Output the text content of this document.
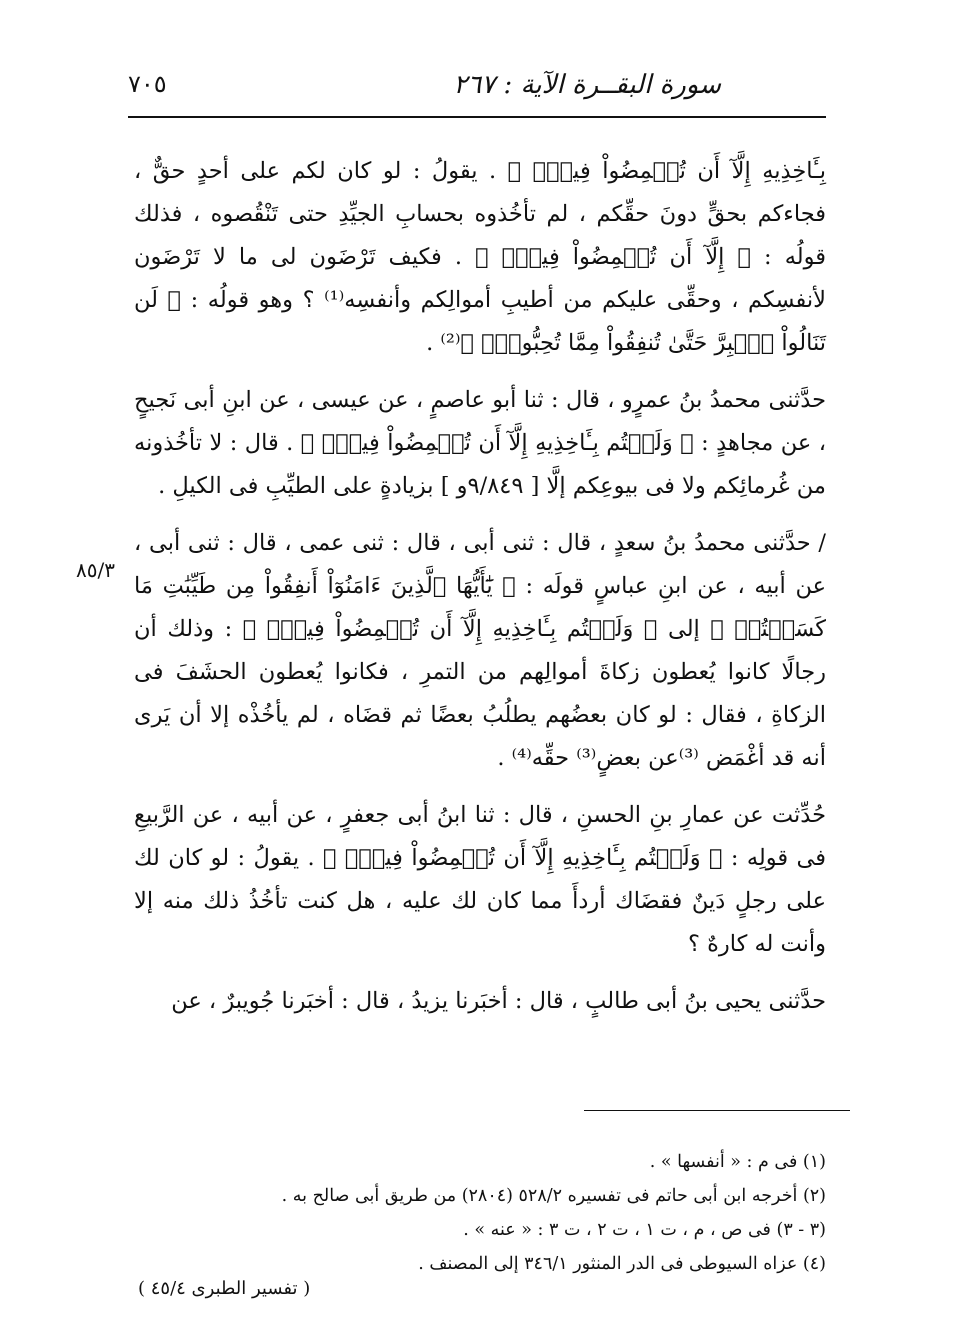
سورة البقــرة الآية : ٢٦٧
٧٠٥

بِـَٔاخِذِيهِ إِلَّآ أَن تُغۡمِضُواْ فِيهِۚ ﴾ . يقولُ : لو كان لكم على أحدٍ حقٌّ ، فجاءكم بحقٍّ دونَ حقِّكم ، لم تأخُذوه بحسابِ الجيِّدِ حتى تَنْقُصوه ، فذلك قولُه : ﴿ إِلَّآ أَن تُغۡمِضُواْ فِيهِۚ ﴾ . فكيف تَرْضَون لى ما لا تَرْضَون لأنفسِكم ، وحقِّى عليكم من أطيبِ أموالِكم وأنفسِه⁽¹⁾ ؟ وهو قولُه : ﴿ لَن تَنَالُواْ ٱلۡبِرَّ حَتَّىٰ تُنفِقُواْ مِمَّا تُحِبُّونَۚ ﴾⁽²⁾ .

حدَّثنى محمدُ بنُ عمرٍو ، قال : ثنا أبو عاصمٍ ، عن عيسى ، عن ابنِ أبى نَجيحٍ ، عن مجاهدٍ : ﴿ وَلَسۡتُم بِـَٔاخِذِيهِ إِلَّآ أَن تُغۡمِضُواْ فِيهِۚ ﴾ . قال : لا تأخُذونه من غُرمائِكم ولا فى بيوعِكم إلَّا [ ٩/٨٤٩و ] بزيادةٍ على الطيِّبِ فى الكيلِ .

/ حدَّثنى محمدُ بنُ سعدٍ ، قال : ثنى أبى ، قال : ثنى عمى ، قال : ثنى أبى ، عن أبيه ، عن ابنِ عباسٍ قولَه : ﴿ يَٰٓأَيُّهَا ٱلَّذِينَ ءَامَنُوٓاْ أَنفِقُواْ مِن طَيِّبَٰتِ مَا كَسَبۡتُمۡ ﴾ إلى ﴿ وَلَسۡتُم بِـَٔاخِذِيهِ إِلَّآ أَن تُغۡمِضُواْ فِيهِۚ ﴾ : وذلك أن رجالًا كانوا يُعطون زكاةَ أموالِهم من التمرِ ، فكانوا يُعطون الحشَفَ فى الزكاةِ ، فقال : لو كان بعضُهم يطلُبُ بعضًا ثم قضَاه ، لم يأخُذْه إلا أن يَرى أنه قد أغْمَض ⁽³⁾عن بعضٍ⁽³⁾ حقِّه⁽⁴⁾ .

حُدِّثت عن عمارِ بنِ الحسنِ ، قال : ثنا ابنُ أبى جعفرٍ ، عن أبيه ، عن الرَّبيعِ فى قولِه : ﴿ وَلَسۡتُم بِـَٔاخِذِيهِ إِلَّآ أَن تُغۡمِضُواْ فِيهِۚ ﴾ . يقولُ : لو كان لك على رجلٍ دَينٌ فقضَاك أردأَ مما كان لك عليه ، هل كنت تأخُذُ ذلك منه إلا وأنت له كارهٌ ؟

حدَّثنى يحيى بنُ أبى طالبٍ ، قال : أخبَرنا يزيدُ ، قال : أخبَرنا جُويبرٌ ، عن

٨٥/٣
(١) فى م : « أنفسها » .
(٢) أخرجه ابن أبى حاتم فى تفسيره ٥٢٨/٢ (٢٨٠٤) من طريق أبى صالح به .
(٣ - ٣) فى ص ، م ، ت ١ ، ت ٢ ، ت ٣ : « عنه » .
(٤) عزاه السيوطى فى الدر المنثور ٣٤٦/١ إلى المصنف .
( تفسير الطبرى ٤٥/٤ )
